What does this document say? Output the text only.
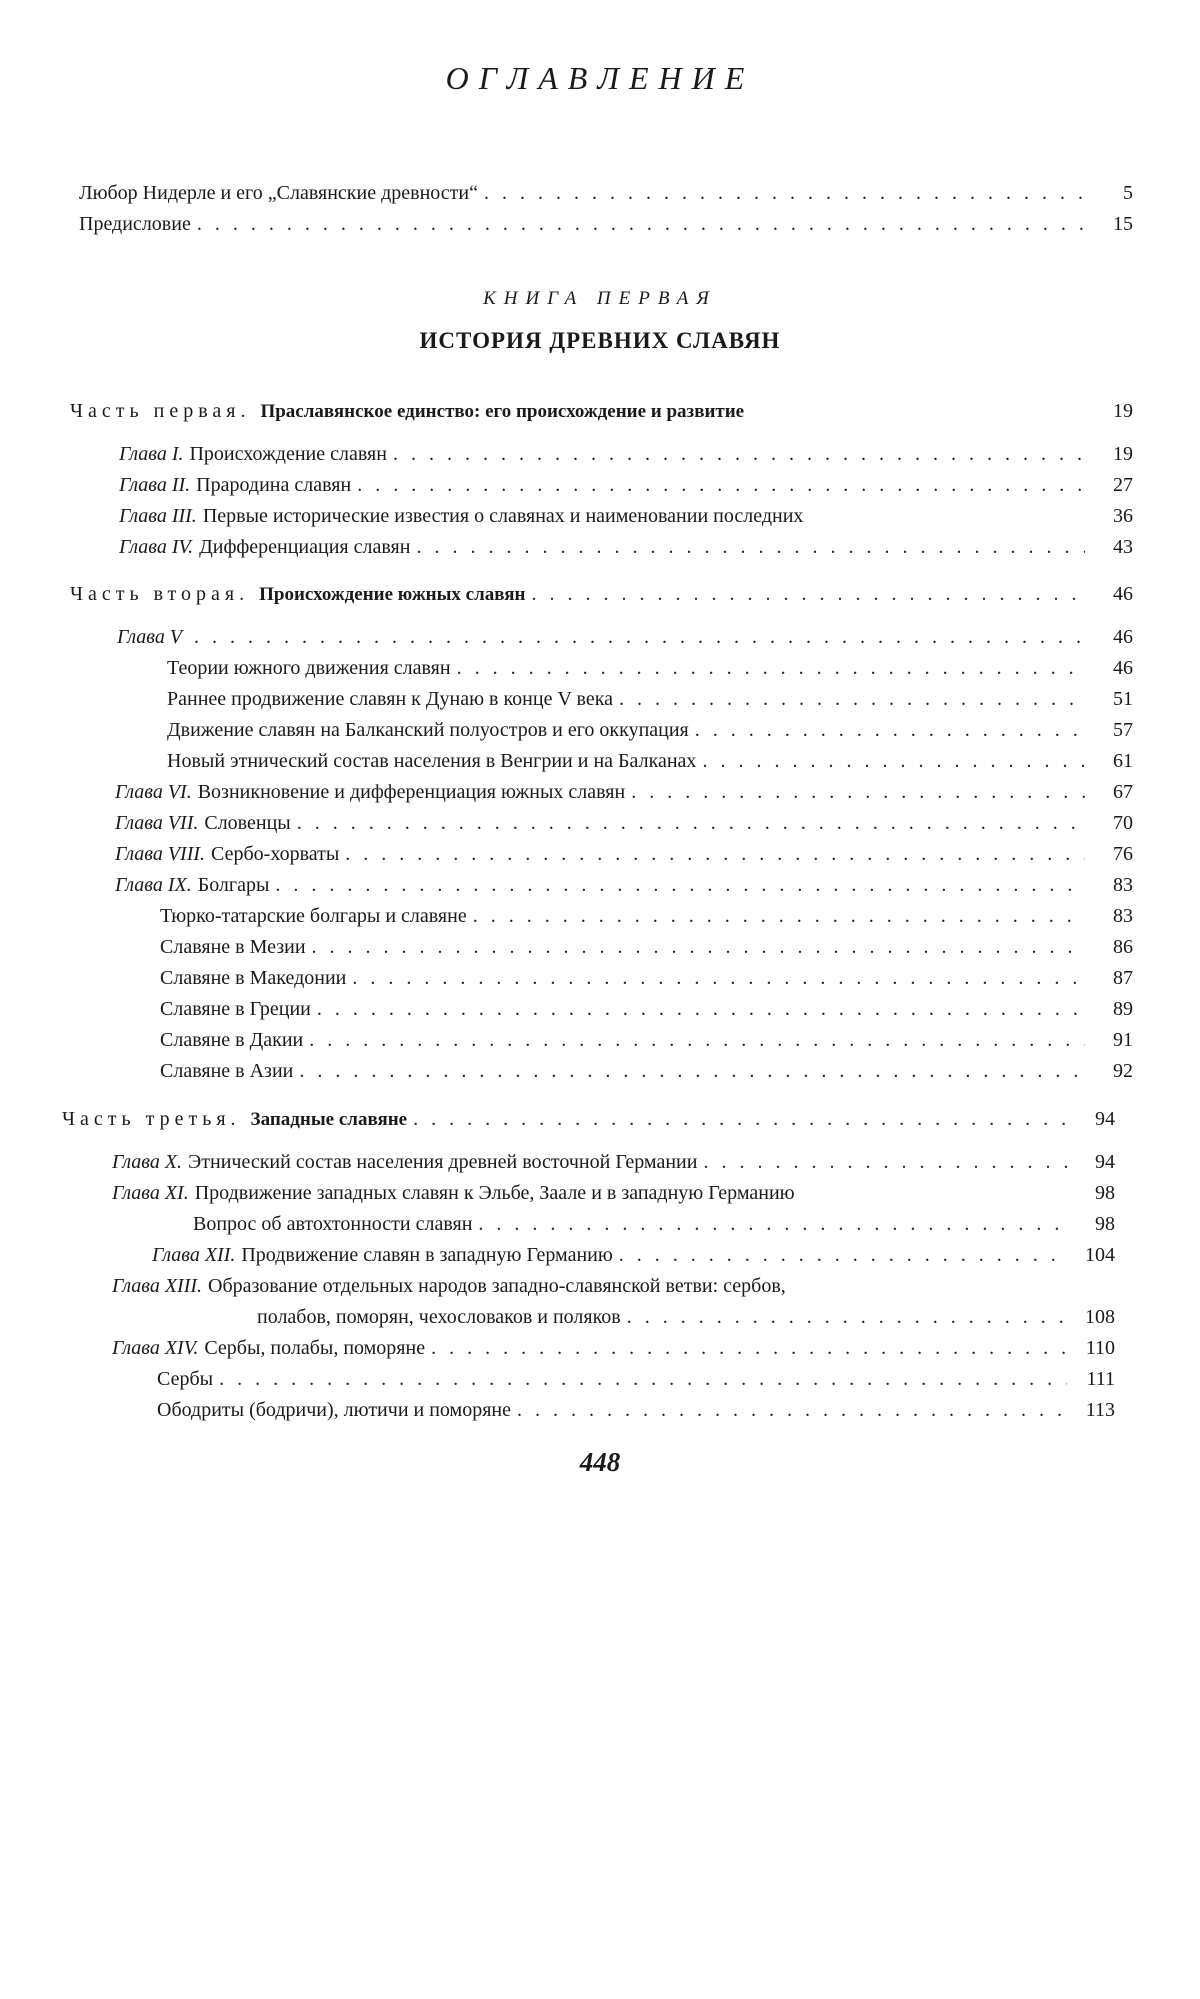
ОГЛАВЛЕНИЕ
Любор Нидерле и его „Славянские древности“
. . .	5
Предисловие
. . .	15
КНИГА ПЕРВАЯ
ИСТОРИЯ ДРЕВНИХ СЛАВЯН
Часть первая. Праславянское единство: его происхождение и развитие	19
Глава I. Происхождение славян
. . .	19
Глава II. Прародина славян
. . .	27
Глава III. Первые исторические известия о славянах и наименовании последних	36
Глава IV. Дифференциация славян
. . .	43
Часть вторая. Происхождение южных славян
. . .	46
Глава V
. . .	46
Теории южного движения славян
. . .	46
Раннее продвижение славян к Дунаю в конце V века
. . .	51
Движение славян на Балканский полуостров и его оккупация
. . .	57
Новый этнический состав населения в Венгрии и на Балканах
. . .	61
Глава VI. Возникновение и дифференциация южных славян
. . .	67
Глава VII. Словенцы
. . .	70
Глава VIII. Сербо-хорваты
. . .	76
Глава IX. Болгары
. . .	83
Тюрко-татарские болгары и славяне
. . .	83
Славяне в Мезии
. . .	86
Славяне в Македонии
. . .	87
Славяне в Греции
. . .	89
Славяне в Дакии
. . .	91
Славяне в Азии
. . .	92
Часть третья. Западные славяне
. . .	94
Глава X. Этнический состав населения древней восточной Германии
. . .	94
Глава XI. Продвижение западных славян к Эльбе, Заале и в западную Германию	98
Вопрос об автохтонности славян
. . .	98
Глава XII. Продвижение славян в западную Германию
. . .	104
Глава XIII. Образование отдельных народов западно-славянской ветви: сербов,
полабов, поморян, чехословаков и поляков
. . .	108
Глава XIV. Сербы, полабы, поморяне
. . .	110
Сербы
. . .	111
Ободриты (бодричи), лютичи и поморяне
. . .	113
448
